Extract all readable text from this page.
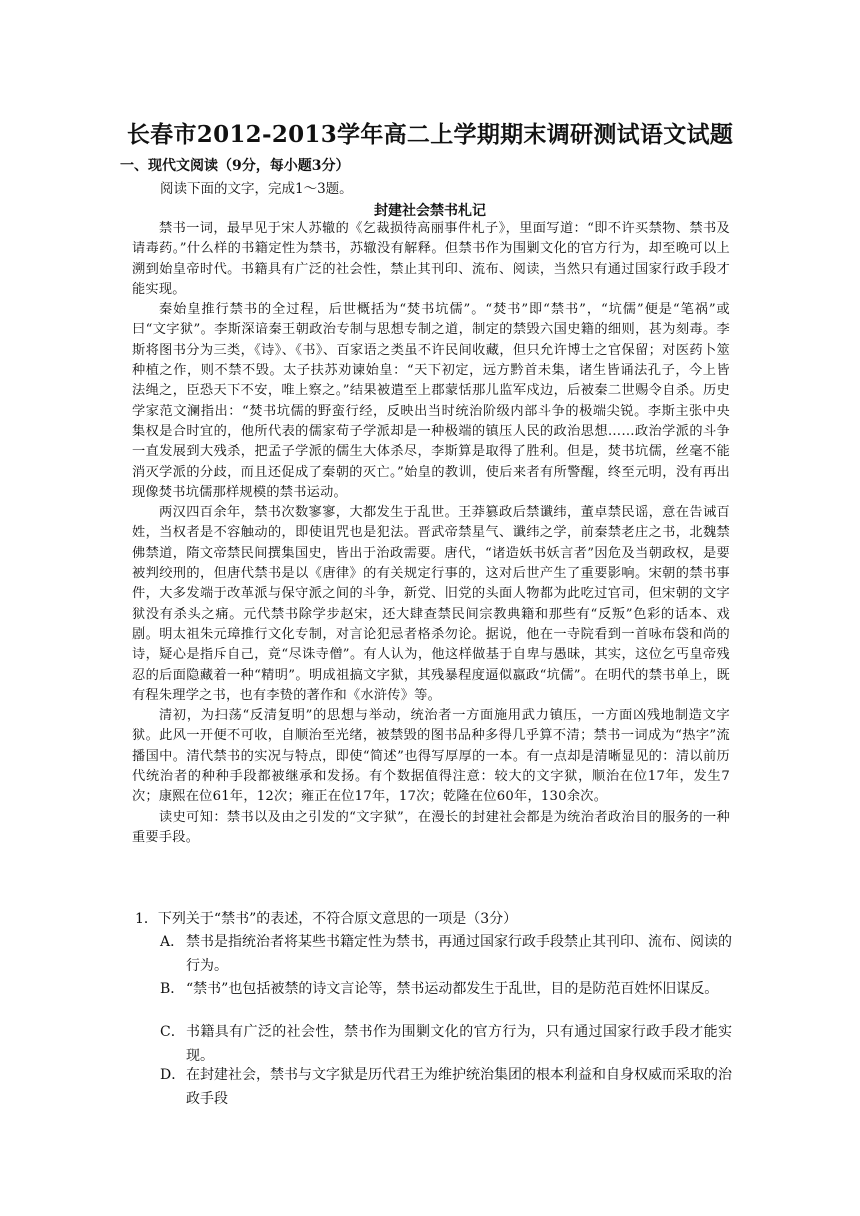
长春市2012-2013学年高二上学期期末调研测试语文试题

一、现代文阅读（9分，每小题3分）

阅读下面的文字，完成1～3题。

封建社会禁书札记

禁书一词，最早见于宋人苏辙的《乞裁损待高丽事件札子》，里面写道：“即不许买禁物、禁书及请毒药。”什么样的书籍定性为禁书，苏辙没有解释。但禁书作为围剿文化的官方行为，却至晚可以上溯到始皇帝时代。书籍具有广泛的社会性，禁止其刊印、流布、阅读，当然只有通过国家行政手段才能实现。

秦始皇推行禁书的全过程，后世概括为“焚书坑儒”。“焚书”即“禁书”，“坑儒”便是“笔祸”或曰“文字狱”。李斯深谙秦王朝政治专制与思想专制之道，制定的禁毁六国史籍的细则，甚为刻毒。李斯将图书分为三类，《诗》、《书》、百家语之类虽不许民间收藏，但只允许博士之官保留；对医药卜筮种植之作，则不禁不毁。太子扶苏劝谏始皇：“天下初定，远方黔首未集，诸生皆诵法孔子，今上皆法绳之，臣恐天下不安，唯上察之。”结果被遣至上郡蒙恬那儿监军戍边，后被秦二世赐令自杀。历史学家范文澜指出：“焚书坑儒的野蛮行经，反映出当时统治阶级内部斗争的极端尖锐。李斯主张中央集权是合时宜的，他所代表的儒家荀子学派却是一种极端的镇压人民的政治思想……政治学派的斗争一直发展到大残杀，把孟子学派的儒生大体杀尽，李斯算是取得了胜利。但是，焚书坑儒，丝毫不能消灭学派的分歧，而且还促成了秦朝的灭亡。”始皇的教训，使后来者有所警醒，终至元明，没有再出现像焚书坑儒那样规模的禁书运动。

两汉四百余年，禁书次数寥寥，大都发生于乱世。王莽篡政后禁谶纬，董卓禁民谣，意在告诫百姓，当权者是不容触动的，即使诅咒也是犯法。晋武帝禁星气、谶纬之学，前秦禁老庄之书，北魏禁佛禁道，隋文帝禁民间撰集国史，皆出于治政需要。唐代，“诸造妖书妖言者”因危及当朝政权，是要被判绞刑的，但唐代禁书是以《唐律》的有关规定行事的，这对后世产生了重要影响。宋朝的禁书事件，大多发端于改革派与保守派之间的斗争，新党、旧党的头面人物都为此吃过官司，但宋朝的文字狱没有杀头之痛。元代禁书除学步赵宋，还大肆查禁民间宗教典籍和那些有“反叛”色彩的话本、戏剧。明太祖朱元璋推行文化专制，对言论犯忌者格杀勿论。据说，他在一寺院看到一首咏布袋和尚的诗，疑心是指斥自己，竟“尽诛寺僧”。有人认为，他这样做基于自卑与愚昧，其实，这位乞丐皇帝残忍的后面隐藏着一种“精明”。明成祖搞文字狱，其残暴程度逼似嬴政“坑儒”。在明代的禁书单上，既有程朱理学之书，也有李贽的著作和《水浒传》等。

清初，为扫荡“反清复明”的思想与举动，统治者一方面施用武力镇压，一方面凶残地制造文字狱。此风一开便不可收，自顺治至光绪，被禁毁的图书品种多得几乎算不清；禁书一词成为“热字”流播国中。清代禁书的实况与特点，即使“简述”也得写厚厚的一本。有一点却是清晰显见的：清以前历代统治者的种种手段都被继承和发扬。有个数据值得注意：较大的文字狱，顺治在位17年，发生7次；康熙在位61年，12次；雍正在位17年，17次；乾隆在位60年，130余次。

读史可知：禁书以及由之引发的“文字狱”，在漫长的封建社会都是为统治者政治目的服务的一种重要手段。

1．下列关于“禁书”的表述，不符合原文意思的一项是（3分）

A． 禁书是指统治者将某些书籍定性为禁书，再通过国家行政手段禁止其刊印、流布、阅读的行为。
B． “禁书”也包括被禁的诗文言论等，禁书运动都发生于乱世，目的是防范百姓怀旧谋反。
C． 书籍具有广泛的社会性，禁书作为围剿文化的官方行为，只有通过国家行政手段才能实现。
D． 在封建社会，禁书与文字狱是历代君王为维护统治集团的根本利益和自身权威而采取的治政手段
